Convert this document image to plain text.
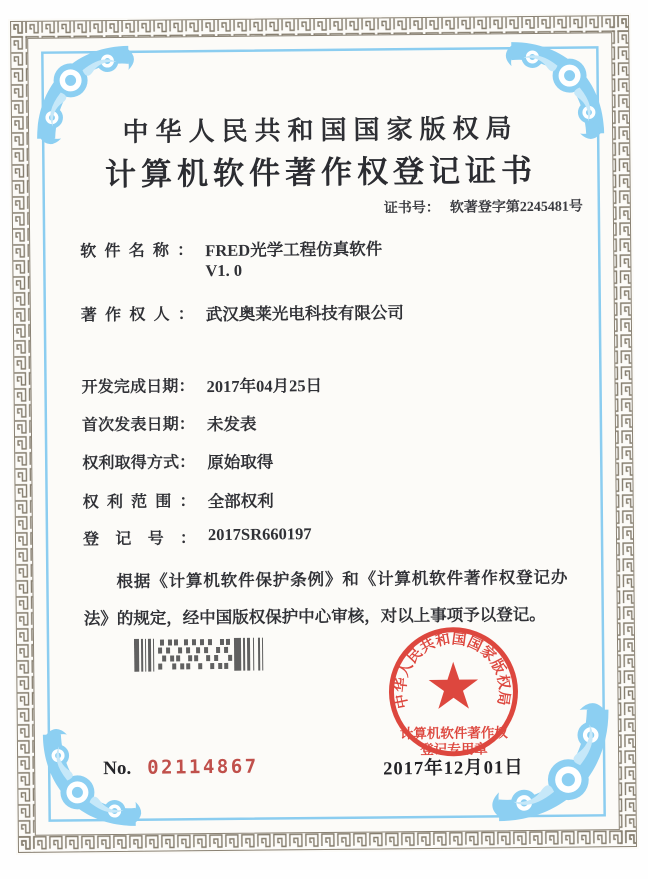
中华人民共和国国家版权局
计算机软件著作权登记证书
证书号： 软著登字第2245481号
软件名称： FRED光学工程仿真软件
V1. 0
著作权人： 武汉奥莱光电科技有限公司
开发完成日期： 2017年04月25日
首次发表日期： 未发表
权利取得方式： 原始取得
权利范围： 全部权利
登记号： 2017SR660197
根据《计算机软件保护条例》和《计算机软件著作权登记办法》的规定，经中国版权保护中心审核，对以上事项予以登记。
中华人民共和国国家版权局
计算机软件著作权
登记专用章
2017年12月01日
No. 02114867
